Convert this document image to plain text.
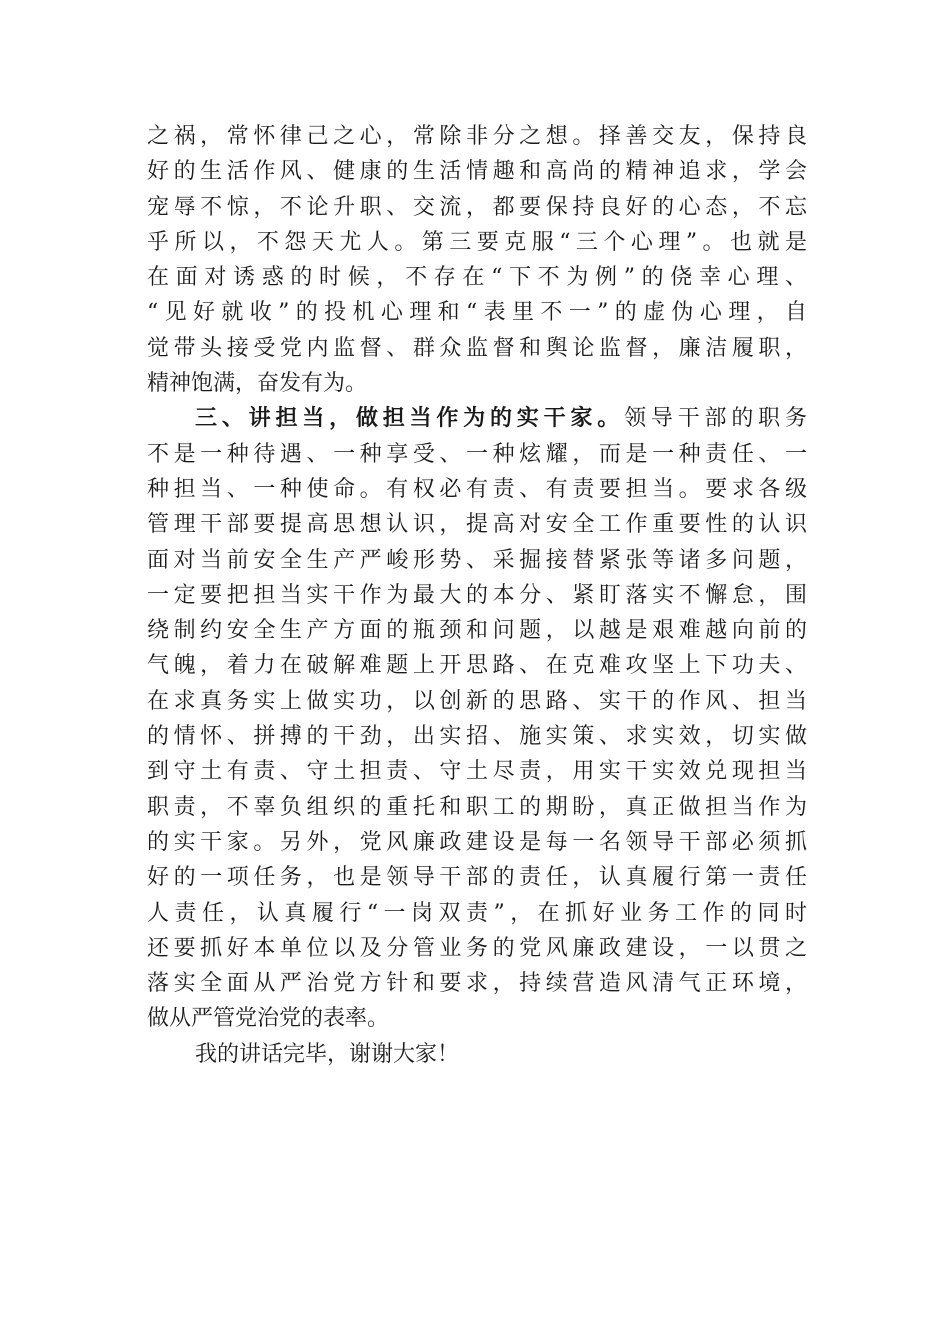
之祸，常怀律己之心，常除非分之想。择善交友，保持良
好的生活作风、健康的生活情趣和高尚的精神追求，学会
宠辱不惊，不论升职、交流，都要保持良好的心态，不忘
乎所以，不怨天尤人。第三要克服“三个心理”。也就是
在面对诱惑的时候，不存在“下不为例”的侥幸心理、
“见好就收”的投机心理和“表里不一”的虚伪心理，自
觉带头接受党内监督、群众监督和舆论监督，廉洁履职，
精神饱满，奋发有为。
三、讲担当，做担当作为的实干家。领导干部的职务
不是一种待遇、一种享受、一种炫耀，而是一种责任、一
种担当、一种使命。有权必有责、有责要担当。要求各级
管理干部要提高思想认识，提高对安全工作重要性的认识
面对当前安全生产严峻形势、采掘接替紧张等诸多问题，
一定要把担当实干作为最大的本分、紧盯落实不懈怠，围
绕制约安全生产方面的瓶颈和问题，以越是艰难越向前的
气魄，着力在破解难题上开思路、在克难攻坚上下功夫、
在求真务实上做实功，以创新的思路、实干的作风、担当
的情怀、拼搏的干劲，出实招、施实策、求实效，切实做
到守土有责、守土担责、守土尽责，用实干实效兑现担当
职责，不辜负组织的重托和职工的期盼，真正做担当作为
的实干家。另外，党风廉政建设是每一名领导干部必须抓
好的一项任务，也是领导干部的责任，认真履行第一责任
人责任，认真履行“一岗双责”，在抓好业务工作的同时
还要抓好本单位以及分管业务的党风廉政建设，一以贯之
落实全面从严治党方针和要求，持续营造风清气正环境，
做从严管党治党的表率。
我的讲话完毕，谢谢大家！
